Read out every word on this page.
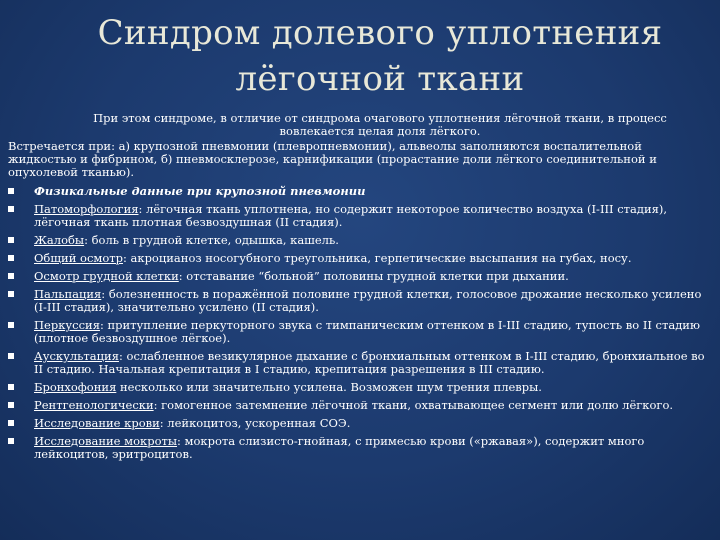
Синдром долевого уплотнения
лёгочной ткани
При этом синдроме, в отличие от синдрома очагового уплотнения лёгочной ткани, в процесс вовлекается целая доля лёгкого.
Встречается при: а) крупозной пневмонии (плевропневмонии), альвеолы заполняются воспалительной жидкостью и фибрином, б) пневмосклерозе, карнификации (прорастание доли лёгкого соединительной и опухолевой тканью).
Физикальные данные при крупозной пневмонии
Патоморфология: лёгочная ткань уплотнена, но содержит некоторое количество воздуха (I-III стадия), лёгочная ткань плотная безвоздушная (II стадия).
Жалобы: боль в грудной клетке, одышка, кашель.
Общий осмотр: акроцианоз носогубного треугольника, герпетические высыпания на губах, носу.
Осмотр грудной клетки: отставание “больной” половины грудной клетки при дыхании.
Пальпация: болезненность в поражённой половине грудной клетки, голосовое дрожание несколько усилено (I-III стадия), значительно усилено (II стадия).
Перкуссия: притупление перкуторного звука с тимпаническим оттенком в I-III стадию, тупость во II стадию (плотное безвоздушное лёгкое).
Аускультация: ослабленное везикулярное дыхание с бронхиальным оттенком в I-III стадию, бронхиальное во II стадию. Начальная крепитация в I стадию, крепитация разрешения в III стадию.
Бронхофония несколько или значительно усилена. Возможен шум трения плевры.
Рентгенологически: гомогенное затемнение лёгочной ткани, охватывающее сегмент или долю лёгкого.
Исследование крови: лейкоцитоз, ускоренная СОЭ.
Исследование мокроты: мокрота слизисто-гнойная, с примесью крови («ржавая»), содержит много лейкоцитов, эритроцитов.
